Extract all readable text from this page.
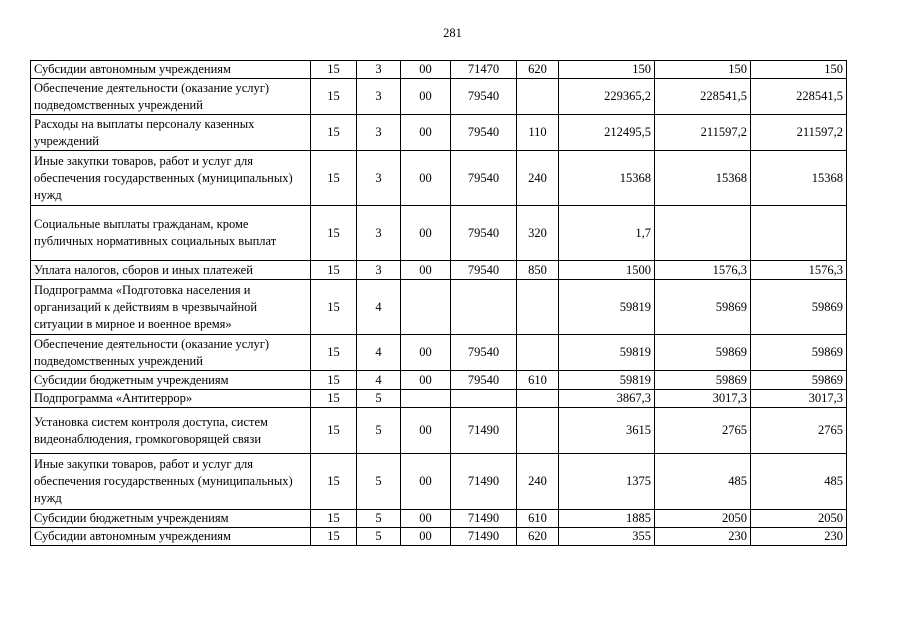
281
Субсидии автономным учреждениям	15	3	00	71470	620	150	150	150
Обеспечение деятельности (оказание услуг) подведомственных учреждений	15	3	00	79540		229365,2	228541,5	228541,5
Расходы на выплаты персоналу казенных учреждений	15	3	00	79540	110	212495,5	211597,2	211597,2
Иные закупки товаров, работ и услуг для обеспечения государственных (муниципальных) нужд	15	3	00	79540	240	15368	15368	15368
Социальные выплаты гражданам, кроме публичных нормативных социальных выплат	15	3	00	79540	320	1,7		
Уплата налогов, сборов и иных платежей	15	3	00	79540	850	1500	1576,3	1576,3
Подпрограмма «Подготовка населения и организаций к действиям в чрезвычайной ситуации в мирное и военное время»	15	4				59819	59869	59869
Обеспечение деятельности (оказание услуг) подведомственных учреждений	15	4	00	79540		59819	59869	59869
Субсидии бюджетным учреждениям	15	4	00	79540	610	59819	59869	59869
Подпрограмма «Антитеррор»	15	5				3867,3	3017,3	3017,3
Установка систем контроля доступа, систем видеонаблюдения, громкоговорящей связи	15	5	00	71490		3615	2765	2765
Иные закупки товаров, работ и услуг для обеспечения государственных (муниципальных) нужд	15	5	00	71490	240	1375	485	485
Субсидии бюджетным учреждениям	15	5	00	71490	610	1885	2050	2050
Субсидии автономным учреждениям	15	5	00	71490	620	355	230	230
